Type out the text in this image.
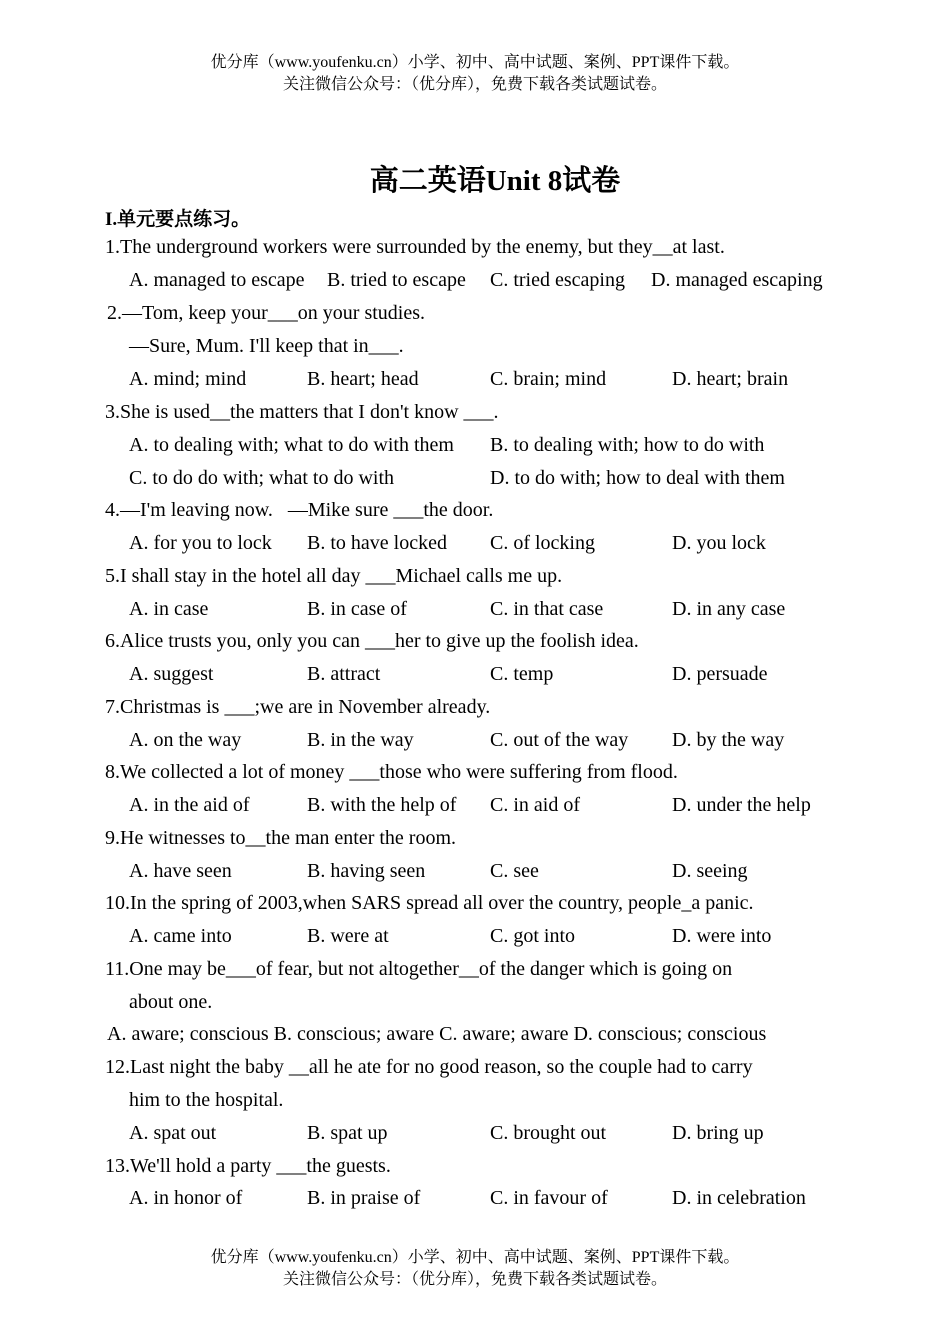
优分库（www.youfenku.cn）小学、初中、高中试题、案例、PPT课件下载。
关注微信公众号：（优分库），免费下载各类试题试卷。
高二英语Unit 8试卷
I.单元要点练习。
1.The underground workers were surrounded by the enemy, but they__at last.
A. managed to escape B. tried to escape C. tried escaping D. managed escaping
2.—Tom, keep your___on your studies.
—Sure, Mum. I'll keep that in___.
A. mind; mind	B. heart; head	C. brain; mind	D. heart; brain
3.She is used__the matters that I don't know ___.
A. to dealing with; what to do with them B. to dealing with; how to do with
C. to do do with; what to do with	D. to do with; how to deal with them
4.—I'm leaving now.   —Mike sure ___the door.
A. for you to lock B. to have locked C. of locking	D. you lock
5.I shall stay in the hotel all day ___Michael calls me up.
A. in case	B. in case of	C. in that case	D. in any case
6.Alice trusts you, only you can ___her to give up the foolish idea.
A. suggest	B. attract	C. temp	D. persuade
7.Christmas is ___;we are in November already.
A. on the way	B. in the way	C. out of the way D. by the way
8.We collected a lot of money ___those who were suffering from flood.
A. in the aid of	B. with the help of C. in aid of	D. under the help
9.He witnesses to__the man enter the room.
A. have seen	B. having seen	C. see	D. seeing
10.In the spring of 2003,when SARS spread all over the country, people_a panic.
A. came into	B. were at	C. got into	D. were into
11.One may be___of fear, but not altogether__of the danger which is going on
about one.
A. aware; conscious B. conscious; aware C. aware; aware D. conscious; conscious
12.Last night the baby __all he ate for no good reason, so the couple had to carry
him to the hospital.
A. spat out	B. spat up	C. brought out	D. bring up
13.We'll hold a party ___the guests.
A. in honor of	B. in praise of	C. in favour of	D. in celebration
优分库（www.youfenku.cn）小学、初中、高中试题、案例、PPT课件下载。
关注微信公众号：（优分库），免费下载各类试题试卷。
